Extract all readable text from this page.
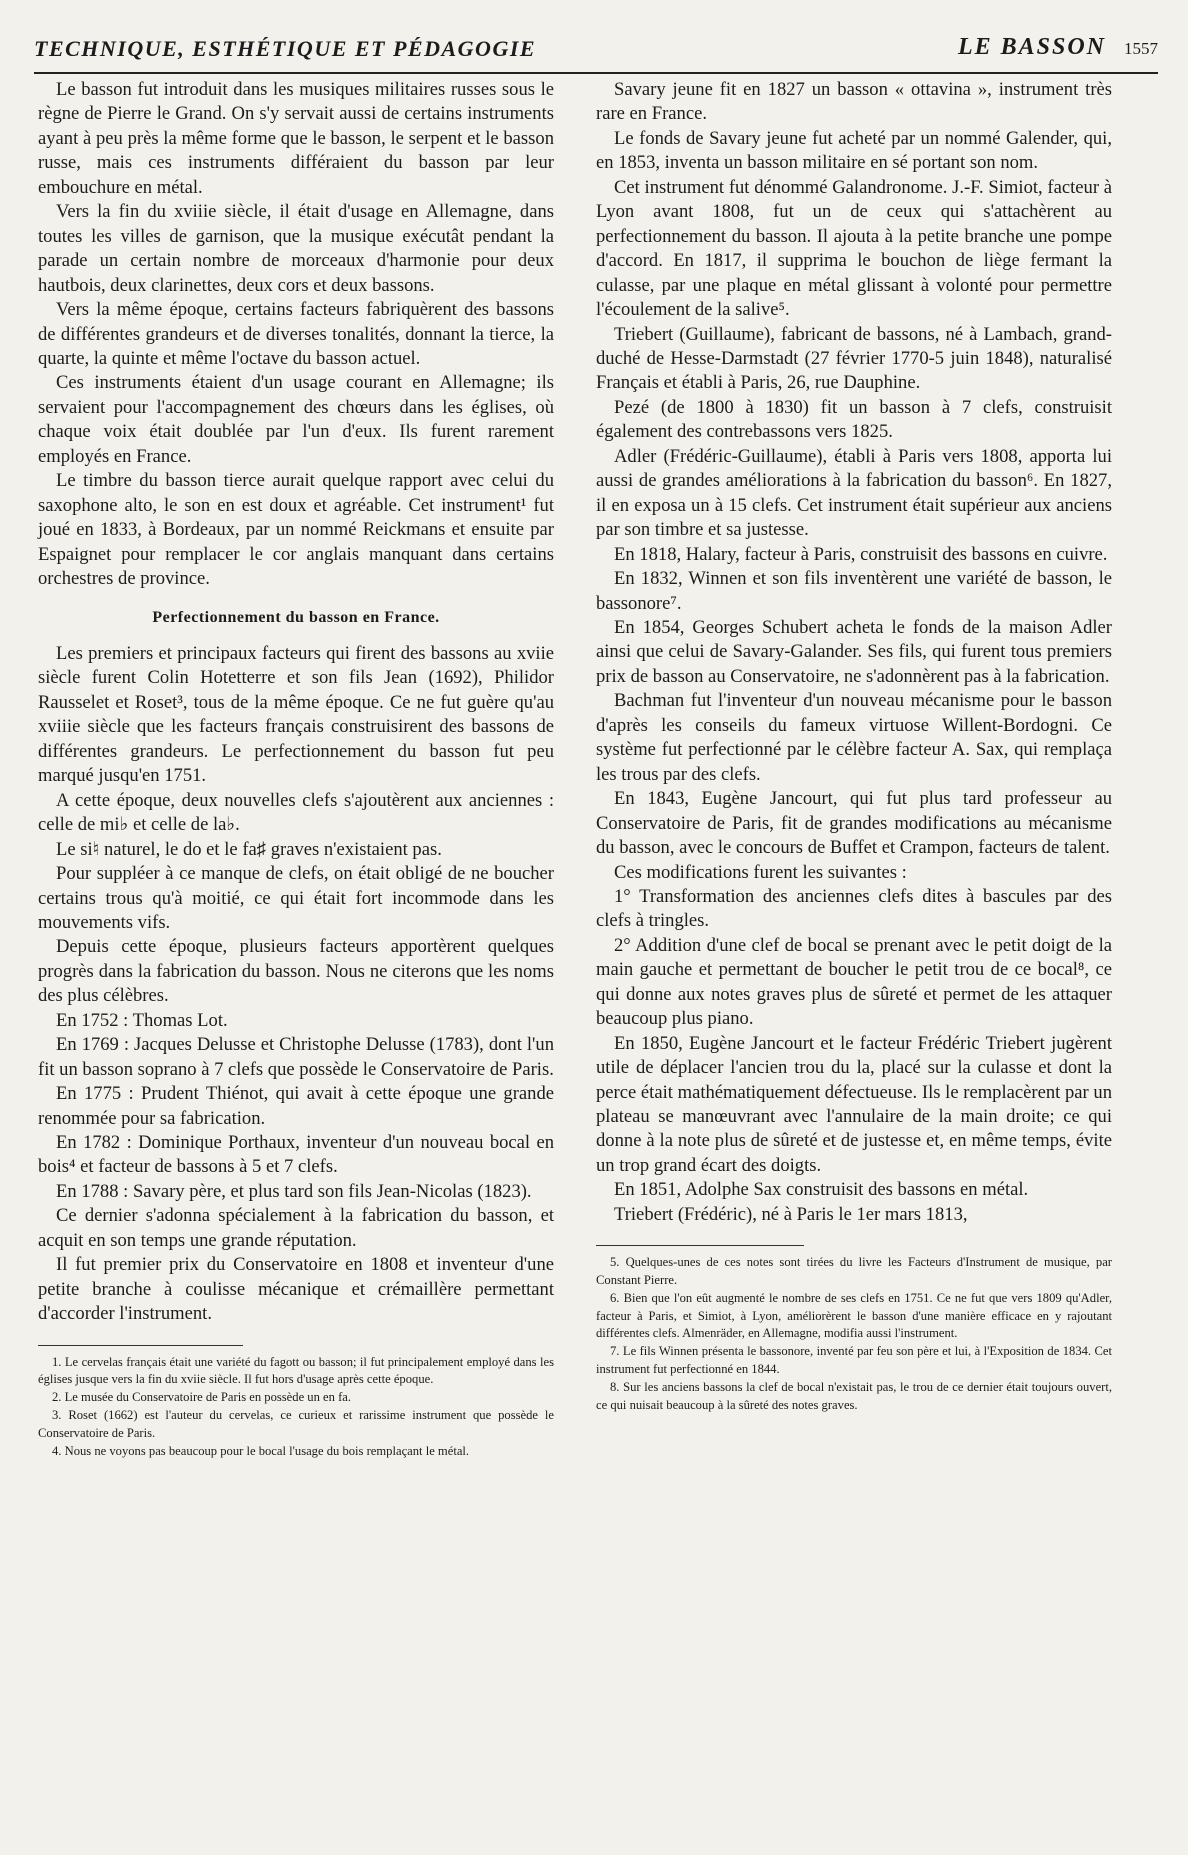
TECHNIQUE, ESTHÉTIQUE ET PÉDAGOGIE	LE BASSON 1557

Le basson fut introduit dans les musiques militaires russes sous le règne de Pierre le Grand. On s'y servait aussi de certains instruments ayant à peu près la même forme que le basson, le serpent et le basson russe, mais ces instruments différaient du basson par leur embouchure en métal.

Vers la fin du xviiie siècle, il était d'usage en Allemagne, dans toutes les villes de garnison, que la musique exécutât pendant la parade un certain nombre de morceaux d'harmonie pour deux hautbois, deux clarinettes, deux cors et deux bassons.

Vers la même époque, certains facteurs fabriquèrent des bassons de différentes grandeurs et de diverses tonalités, donnant la tierce, la quarte, la quinte et même l'octave du basson actuel.

Ces instruments étaient d'un usage courant en Allemagne; ils servaient pour l'accompagnement des chœurs dans les églises, où chaque voix était doublée par l'un d'eux. Ils furent rarement employés en France.

Le timbre du basson tierce aurait quelque rapport avec celui du saxophone alto, le son en est doux et agréable. Cet instrument¹ fut joué en 1833, à Bordeaux, par un nommé Reickmans et ensuite par Espaignet pour remplacer le cor anglais manquant dans certains orchestres de province.

Perfectionnement du basson en France.

Les premiers et principaux facteurs qui firent des bassons au xviie siècle furent Colin Hotetterre et son fils Jean (1692), Philidor Rausselet et Roset³, tous de la même époque. Ce ne fut guère qu'au xviiie siècle que les facteurs français construisirent des bassons de différentes grandeurs. Le perfectionnement du basson fut peu marqué jusqu'en 1751.

A cette époque, deux nouvelles clefs s'ajoutèrent aux anciennes : celle de mi♭ et celle de la♭.

Le si♮ naturel, le do et le fa♯ graves n'existaient pas.

Pour suppléer à ce manque de clefs, on était obligé de ne boucher certains trous qu'à moitié, ce qui était fort incommode dans les mouvements vifs.

Depuis cette époque, plusieurs facteurs apportèrent quelques progrès dans la fabrication du basson. Nous ne citerons que les noms des plus célèbres.

En 1752 : Thomas Lot.

En 1769 : Jacques Delusse et Christophe Delusse (1783), dont l'un fit un basson soprano à 7 clefs que possède le Conservatoire de Paris.

En 1775 : Prudent Thiénot, qui avait à cette époque une grande renommée pour sa fabrication.

En 1782 : Dominique Porthaux, inventeur d'un nouveau bocal en bois⁴ et facteur de bassons à 5 et 7 clefs.

En 1788 : Savary père, et plus tard son fils Jean-Nicolas (1823).

Ce dernier s'adonna spécialement à la fabrication du basson, et acquit en son temps une grande réputation.

Il fut premier prix du Conservatoire en 1808 et inventeur d'une petite branche à coulisse mécanique et crémaillère permettant d'accorder l'instrument.

1. Le cervelas français était une variété du fagott ou basson; il fut principalement employé dans les églises jusque vers la fin du xviie siècle. Il fut hors d'usage après cette époque.

2. Le musée du Conservatoire de Paris en possède un en fa.

3. Roset (1662) est l'auteur du cervelas, ce curieux et rarissime instrument que possède le Conservatoire de Paris.

4. Nous ne voyons pas beaucoup pour le bocal l'usage du bois remplaçant le métal.

Savary jeune fit en 1827 un basson « ottavina », instrument très rare en France.

Le fonds de Savary jeune fut acheté par un nommé Galender, qui, en 1853, inventa un basson militaire en sé portant son nom.

Cet instrument fut dénommé Galandronome. J.-F. Simiot, facteur à Lyon avant 1808, fut un de ceux qui s'attachèrent au perfectionnement du basson. Il ajouta à la petite branche une pompe d'accord. En 1817, il supprima le bouchon de liège fermant la culasse, par une plaque en métal glissant à volonté pour permettre l'écoulement de la salive⁵.

Triebert (Guillaume), fabricant de bassons, né à Lambach, grand-duché de Hesse-Darmstadt (27 février 1770-5 juin 1848), naturalisé Français et établi à Paris, 26, rue Dauphine.

Pezé (de 1800 à 1830) fit un basson à 7 clefs, construisit également des contrebassons vers 1825.

Adler (Frédéric-Guillaume), établi à Paris vers 1808, apporta lui aussi de grandes améliorations à la fabrication du basson⁶. En 1827, il en exposa un à 15 clefs. Cet instrument était supérieur aux anciens par son timbre et sa justesse.

En 1818, Halary, facteur à Paris, construisit des bassons en cuivre.

En 1832, Winnen et son fils inventèrent une variété de basson, le bassonore⁷.

En 1854, Georges Schubert acheta le fonds de la maison Adler ainsi que celui de Savary-Galander. Ses fils, qui furent tous premiers prix de basson au Conservatoire, ne s'adonnèrent pas à la fabrication.

Bachman fut l'inventeur d'un nouveau mécanisme pour le basson d'après les conseils du fameux virtuose Willent-Bordogni. Ce système fut perfectionné par le célèbre facteur A. Sax, qui remplaça les trous par des clefs.

En 1843, Eugène Jancourt, qui fut plus tard professeur au Conservatoire de Paris, fit de grandes modifications au mécanisme du basson, avec le concours de Buffet et Crampon, facteurs de talent.

Ces modifications furent les suivantes :

1° Transformation des anciennes clefs dites à bascules par des clefs à tringles.

2° Addition d'une clef de bocal se prenant avec le petit doigt de la main gauche et permettant de boucher le petit trou de ce bocal⁸, ce qui donne aux notes graves plus de sûreté et permet de les attaquer beaucoup plus piano.

En 1850, Eugène Jancourt et le facteur Frédéric Triebert jugèrent utile de déplacer l'ancien trou du la, placé sur la culasse et dont la perce était mathématiquement défectueuse. Ils le remplacèrent par un plateau se manœuvrant avec l'annulaire de la main droite; ce qui donne à la note plus de sûreté et de justesse et, en même temps, évite un trop grand écart des doigts.

En 1851, Adolphe Sax construisit des bassons en métal.

Triebert (Frédéric), né à Paris le 1er mars 1813,

5. Quelques-unes de ces notes sont tirées du livre les Facteurs d'Instrument de musique, par Constant Pierre.

6. Bien que l'on eût augmenté le nombre de ses clefs en 1751. Ce ne fut que vers 1809 qu'Adler, facteur à Paris, et Simiot, à Lyon, améliorèrent le basson d'une manière efficace en y rajoutant différentes clefs. Almenräder, en Allemagne, modifia aussi l'instrument.

7. Le fils Winnen présenta le bassonore, inventé par feu son père et lui, à l'Exposition de 1834. Cet instrument fut perfectionné en 1844.

8. Sur les anciens bassons la clef de bocal n'existait pas, le trou de ce dernier était toujours ouvert, ce qui nuisait beaucoup à la sûreté des notes graves.
